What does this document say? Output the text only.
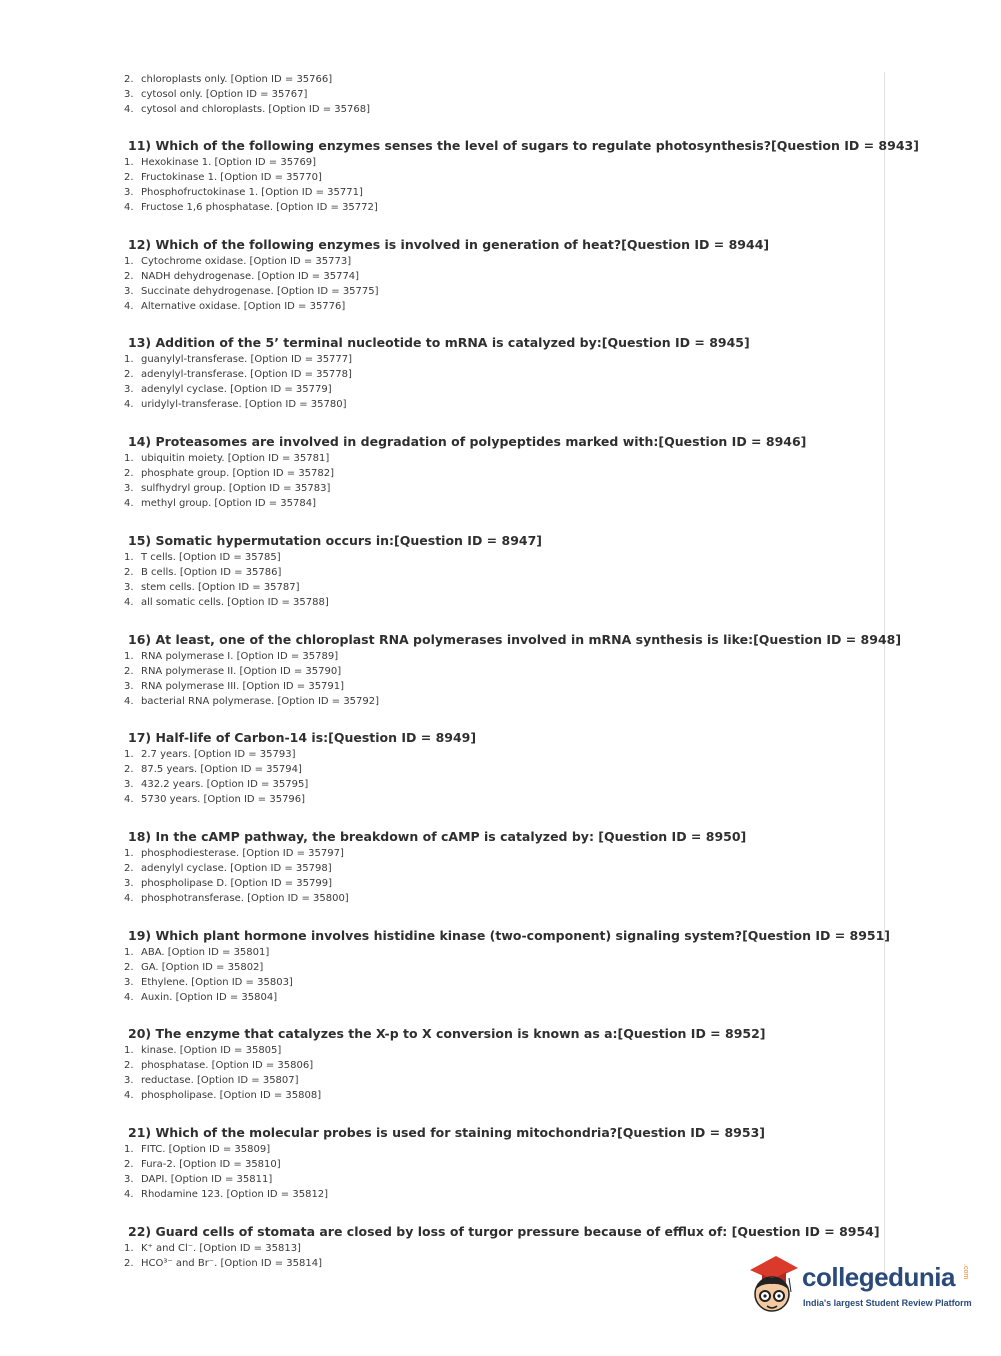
2. chloroplasts only. [Option ID = 35766]
3. cytosol only. [Option ID = 35767]
4. cytosol and chloroplasts. [Option ID = 35768]
11) Which of the following enzymes senses the level of sugars to regulate photosynthesis?[Question ID = 8943]
1. Hexokinase 1. [Option ID = 35769]
2. Fructokinase 1. [Option ID = 35770]
3. Phosphofructokinase 1. [Option ID = 35771]
4. Fructose 1,6 phosphatase. [Option ID = 35772]
12) Which of the following enzymes is involved in generation of heat?[Question ID = 8944]
1. Cytochrome oxidase. [Option ID = 35773]
2. NADH dehydrogenase. [Option ID = 35774]
3. Succinate dehydrogenase. [Option ID = 35775]
4. Alternative oxidase. [Option ID = 35776]
13) Addition of the 5’ terminal nucleotide to mRNA is catalyzed by:[Question ID = 8945]
1. guanylyl-transferase. [Option ID = 35777]
2. adenylyl-transferase. [Option ID = 35778]
3. adenylyl cyclase. [Option ID = 35779]
4. uridylyl-transferase. [Option ID = 35780]
14) Proteasomes are involved in degradation of polypeptides marked with:[Question ID = 8946]
1. ubiquitin moiety. [Option ID = 35781]
2. phosphate group. [Option ID = 35782]
3. sulfhydryl group. [Option ID = 35783]
4. methyl group. [Option ID = 35784]
15) Somatic hypermutation occurs in:[Question ID = 8947]
1. T cells. [Option ID = 35785]
2. B cells. [Option ID = 35786]
3. stem cells. [Option ID = 35787]
4. all somatic cells. [Option ID = 35788]
16) At least, one of the chloroplast RNA polymerases involved in mRNA synthesis is like:[Question ID = 8948]
1. RNA polymerase I. [Option ID = 35789]
2. RNA polymerase II. [Option ID = 35790]
3. RNA polymerase III. [Option ID = 35791]
4. bacterial RNA polymerase. [Option ID = 35792]
17) Half-life of Carbon-14 is:[Question ID = 8949]
1. 2.7 years. [Option ID = 35793]
2. 87.5 years. [Option ID = 35794]
3. 432.2 years. [Option ID = 35795]
4. 5730 years. [Option ID = 35796]
18) In the cAMP pathway, the breakdown of cAMP is catalyzed by: [Question ID = 8950]
1. phosphodiesterase. [Option ID = 35797]
2. adenylyl cyclase. [Option ID = 35798]
3. phospholipase D. [Option ID = 35799]
4. phosphotransferase. [Option ID = 35800]
19) Which plant hormone involves histidine kinase (two-component) signaling system?[Question ID = 8951]
1. ABA. [Option ID = 35801]
2. GA. [Option ID = 35802]
3. Ethylene. [Option ID = 35803]
4. Auxin. [Option ID = 35804]
20) The enzyme that catalyzes the X-p to X conversion is known as a:[Question ID = 8952]
1. kinase. [Option ID = 35805]
2. phosphatase. [Option ID = 35806]
3. reductase. [Option ID = 35807]
4. phospholipase. [Option ID = 35808]
21) Which of the molecular probes is used for staining mitochondria?[Question ID = 8953]
1. FITC. [Option ID = 35809]
2. Fura-2. [Option ID = 35810]
3. DAPI. [Option ID = 35811]
4. Rhodamine 123. [Option ID = 35812]
22) Guard cells of stomata are closed by loss of turgor pressure because of efflux of: [Question ID = 8954]
1. K⁺ and Cl⁻. [Option ID = 35813]
2. HCO³⁻ and Br⁻. [Option ID = 35814]	collegedunia .com
India's largest Student Review Platform
